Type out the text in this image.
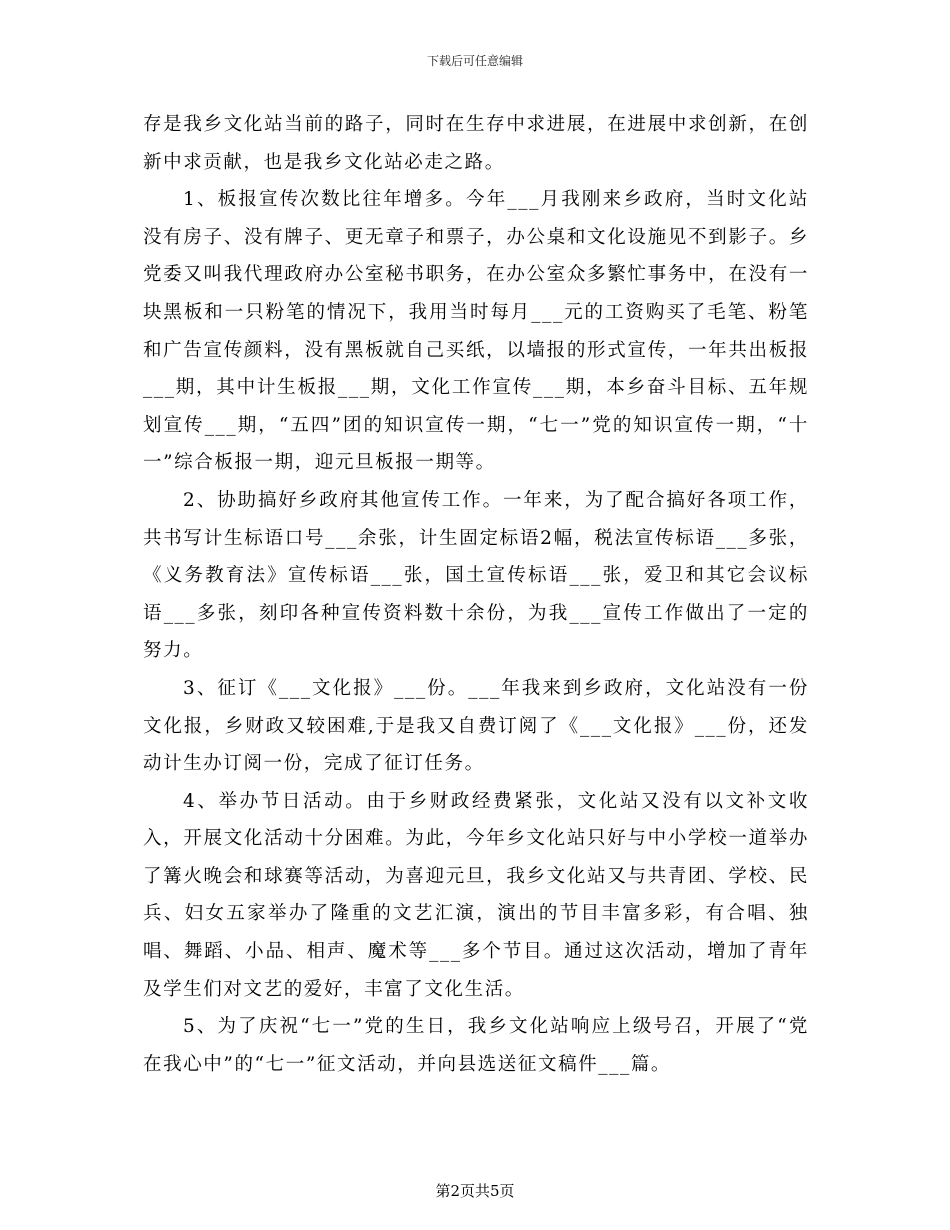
下载后可任意编辑

存是我乡文化站当前的路子，同时在生存中求进展，在进展中求创新，在创新中求贡献，也是我乡文化站必走之路。

1、板报宣传次数比往年增多。今年___月我刚来乡政府，当时文化站没有房子、没有牌子、更无章子和票子，办公桌和文化设施见不到影子。乡党委又叫我代理政府办公室秘书职务，在办公室众多繁忙事务中，在没有一块黑板和一只粉笔的情况下，我用当时每月___元的工资购买了毛笔、粉笔和广告宣传颜料，没有黑板就自己买纸，以墙报的形式宣传，一年共出板报___期，其中计生板报___期，文化工作宣传___期，本乡奋斗目标、五年规划宣传___期，“五四”团的知识宣传一期，“七一”党的知识宣传一期，“十一”综合板报一期，迎元旦板报一期等。

2、协助搞好乡政府其他宣传工作。一年来，为了配合搞好各项工作，共书写计生标语口号___余张，计生固定标语2幅，税法宣传标语___多张，《义务教育法》宣传标语___张，国土宣传标语___张，爱卫和其它会议标语___多张，刻印各种宣传资料数十余份，为我___宣传工作做出了一定的努力。

3、征订《___文化报》___份。___年我来到乡政府，文化站没有一份文化报，乡财政又较困难,于是我又自费订阅了《___文化报》___份，还发动计生办订阅一份，完成了征订任务。

4、举办节日活动。由于乡财政经费紧张，文化站又没有以文补文收入，开展文化活动十分困难。为此，今年乡文化站只好与中小学校一道举办了篝火晚会和球赛等活动，为喜迎元旦，我乡文化站又与共青团、学校、民兵、妇女五家举办了隆重的文艺汇演，演出的节目丰富多彩，有合唱、独唱、舞蹈、小品、相声、魔术等___多个节目。通过这次活动，增加了青年及学生们对文艺的爱好，丰富了文化生活。

5、为了庆祝“七一”党的生日，我乡文化站响应上级号召，开展了“党在我心中”的“七一”征文活动，并向县选送征文稿件___篇。

第2页共5页
